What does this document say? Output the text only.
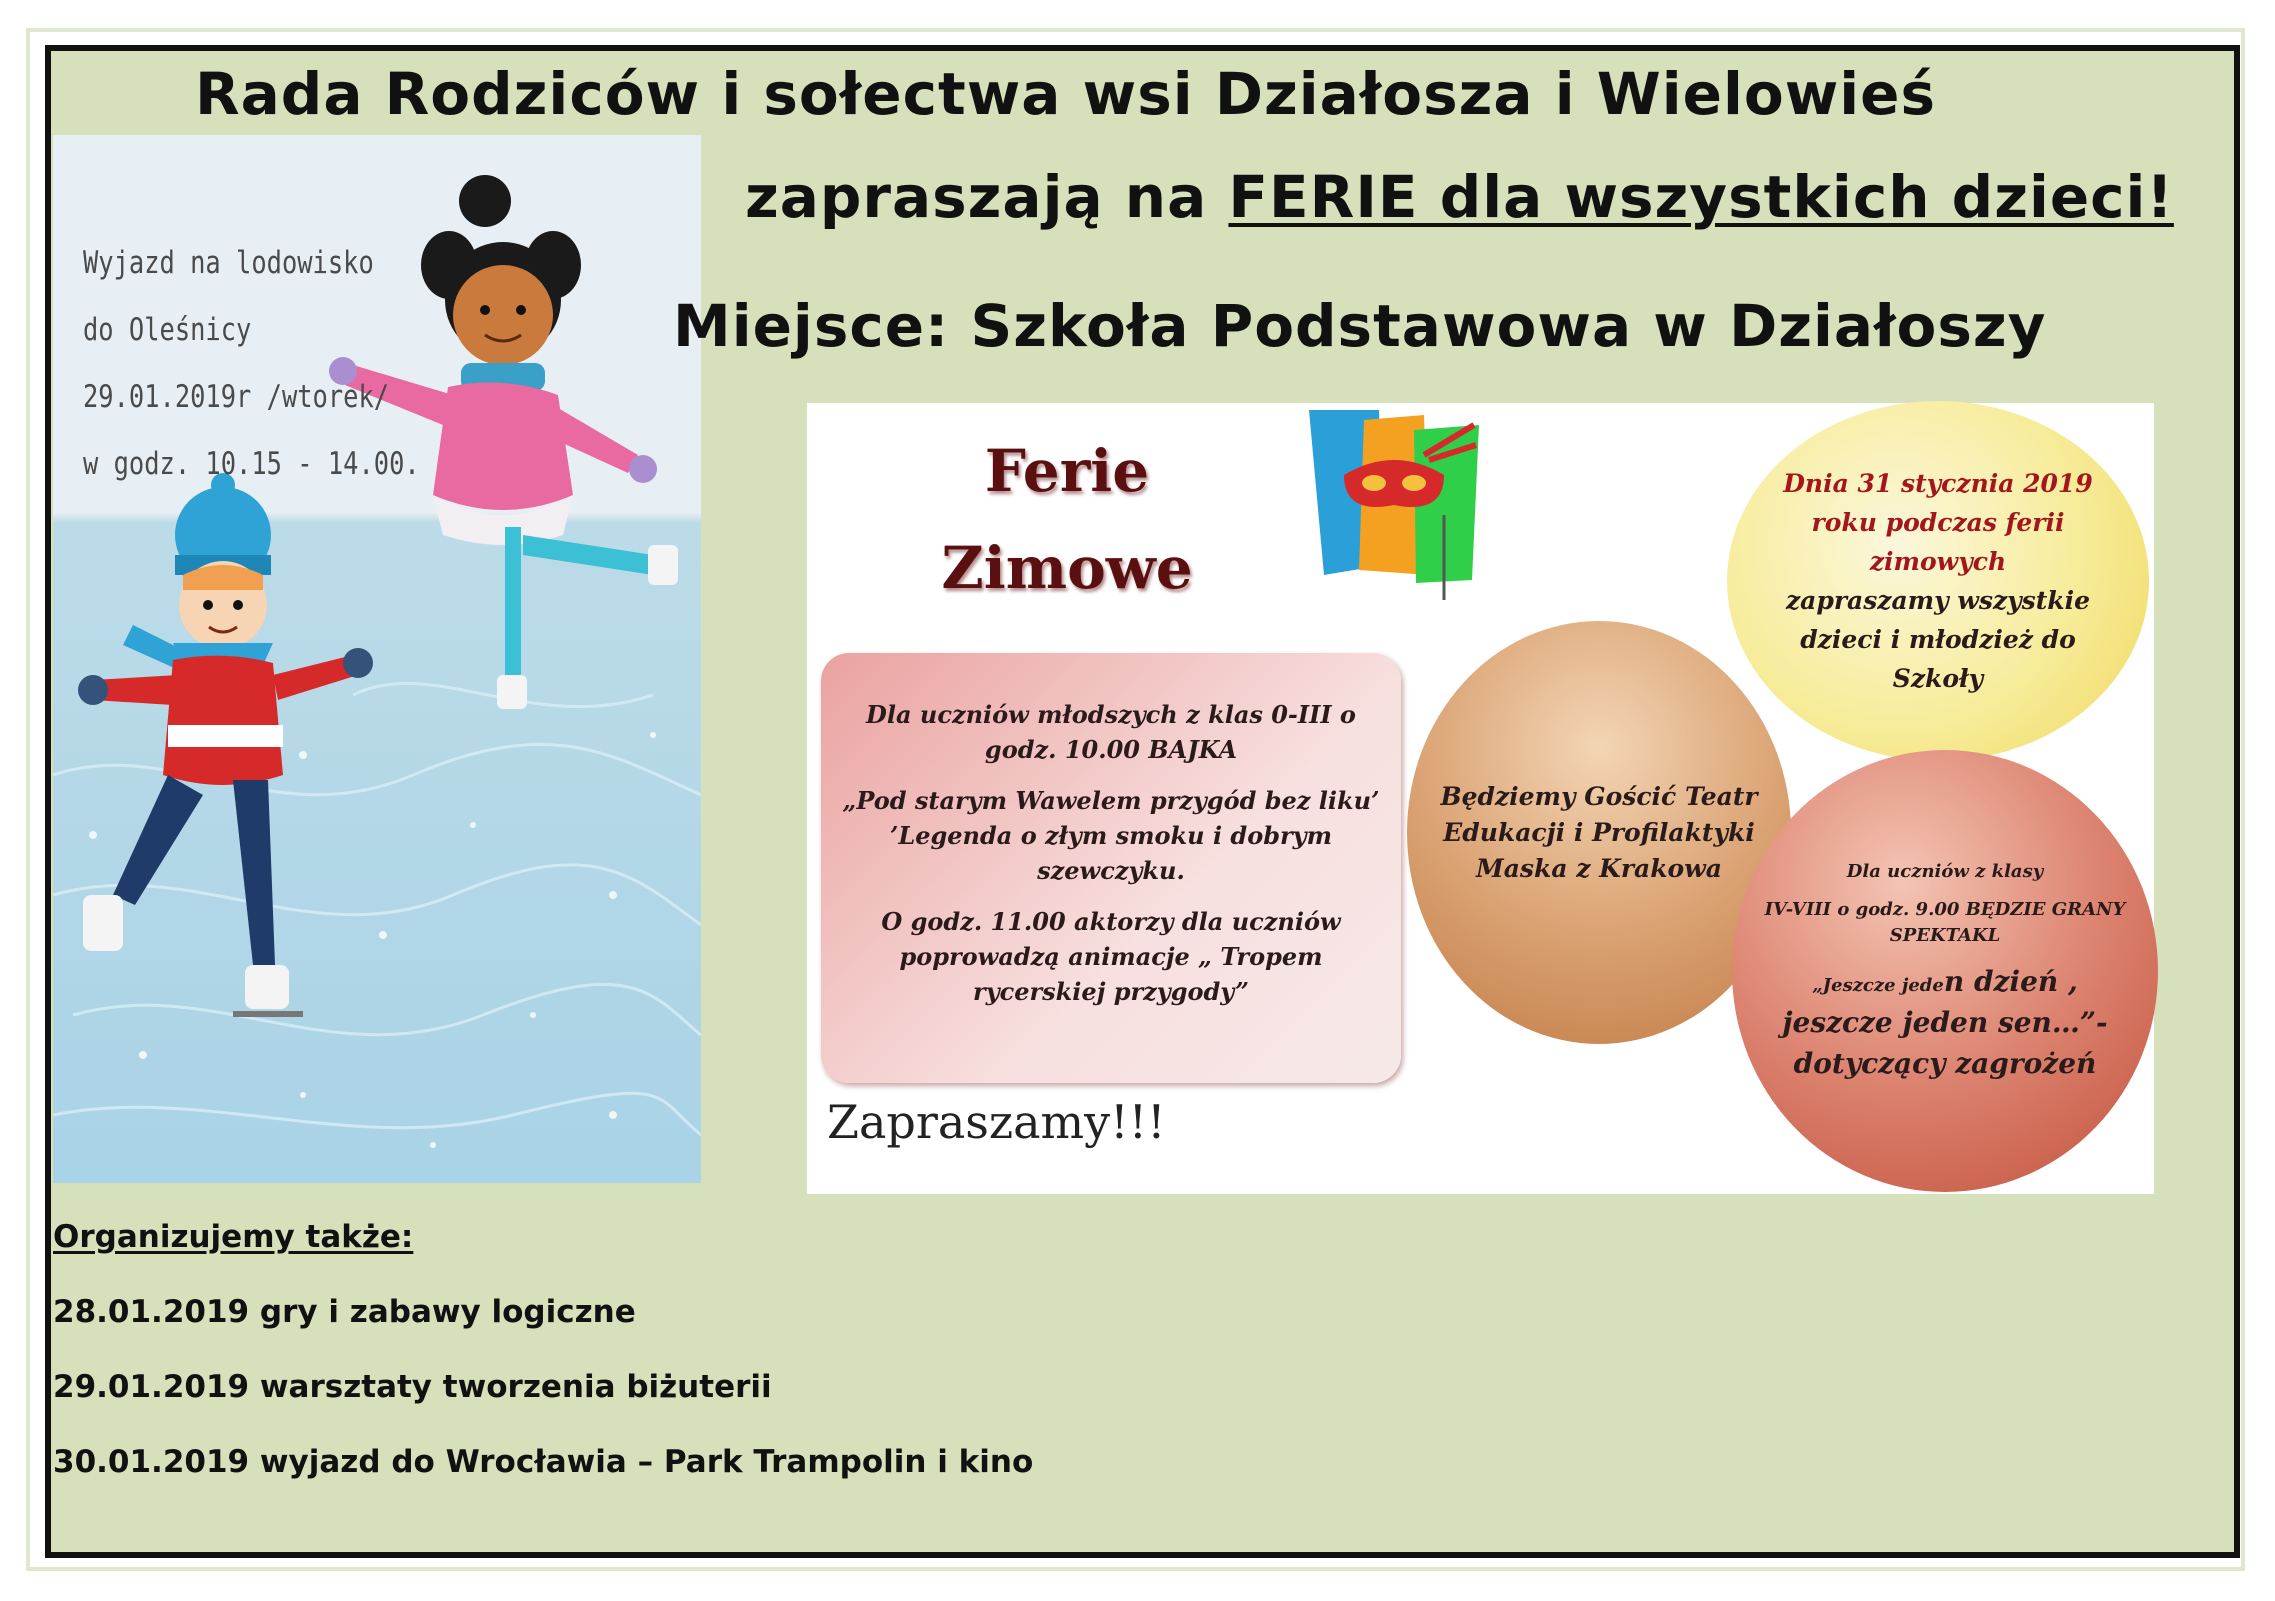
Rada Rodziców i sołectwa wsi Działosza i Wielowieś
zapraszają na FERIE dla wszystkich dzieci!
Wyjazd na lodowisko
do Oleśnicy
29.01.2019r /wtorek/
w godz. 10.15 - 14.00.
Miejsce: Szkoła Podstawowa w Działoszy
Ferie
Zimowe

Dla uczniów młodszych z klas 0-III o godz. 10.00 BAJKA

„Pod starym Wawelem przygód bez liku’ ’Legenda o złym smoku i dobrym szewczyku.

O godz. 11.00 aktorzy dla uczniów poprowadzą animacje „ Tropem rycerskiej przygody”

Będziemy Gościć Teatr Edukacji i Profilaktyki Maska z Krakowa
Dnia 31 stycznia 2019 roku podczas ferii zimowych
zapraszamy wszystkie dzieci i młodzież do Szkoły
Dla uczniów z klasy
IV-VIII o godz. 9.00 BĘDZIE GRANY SPEKTAKL
„Jeszcze jeden dzień , jeszcze jeden sen…”- dotyczący zagrożeń
Zapraszamy!!!
Organizujemy także:
28.01.2019 gry i zabawy logiczne
29.01.2019 warsztaty tworzenia biżuterii
30.01.2019 wyjazd do Wrocławia – Park Trampolin i kino
